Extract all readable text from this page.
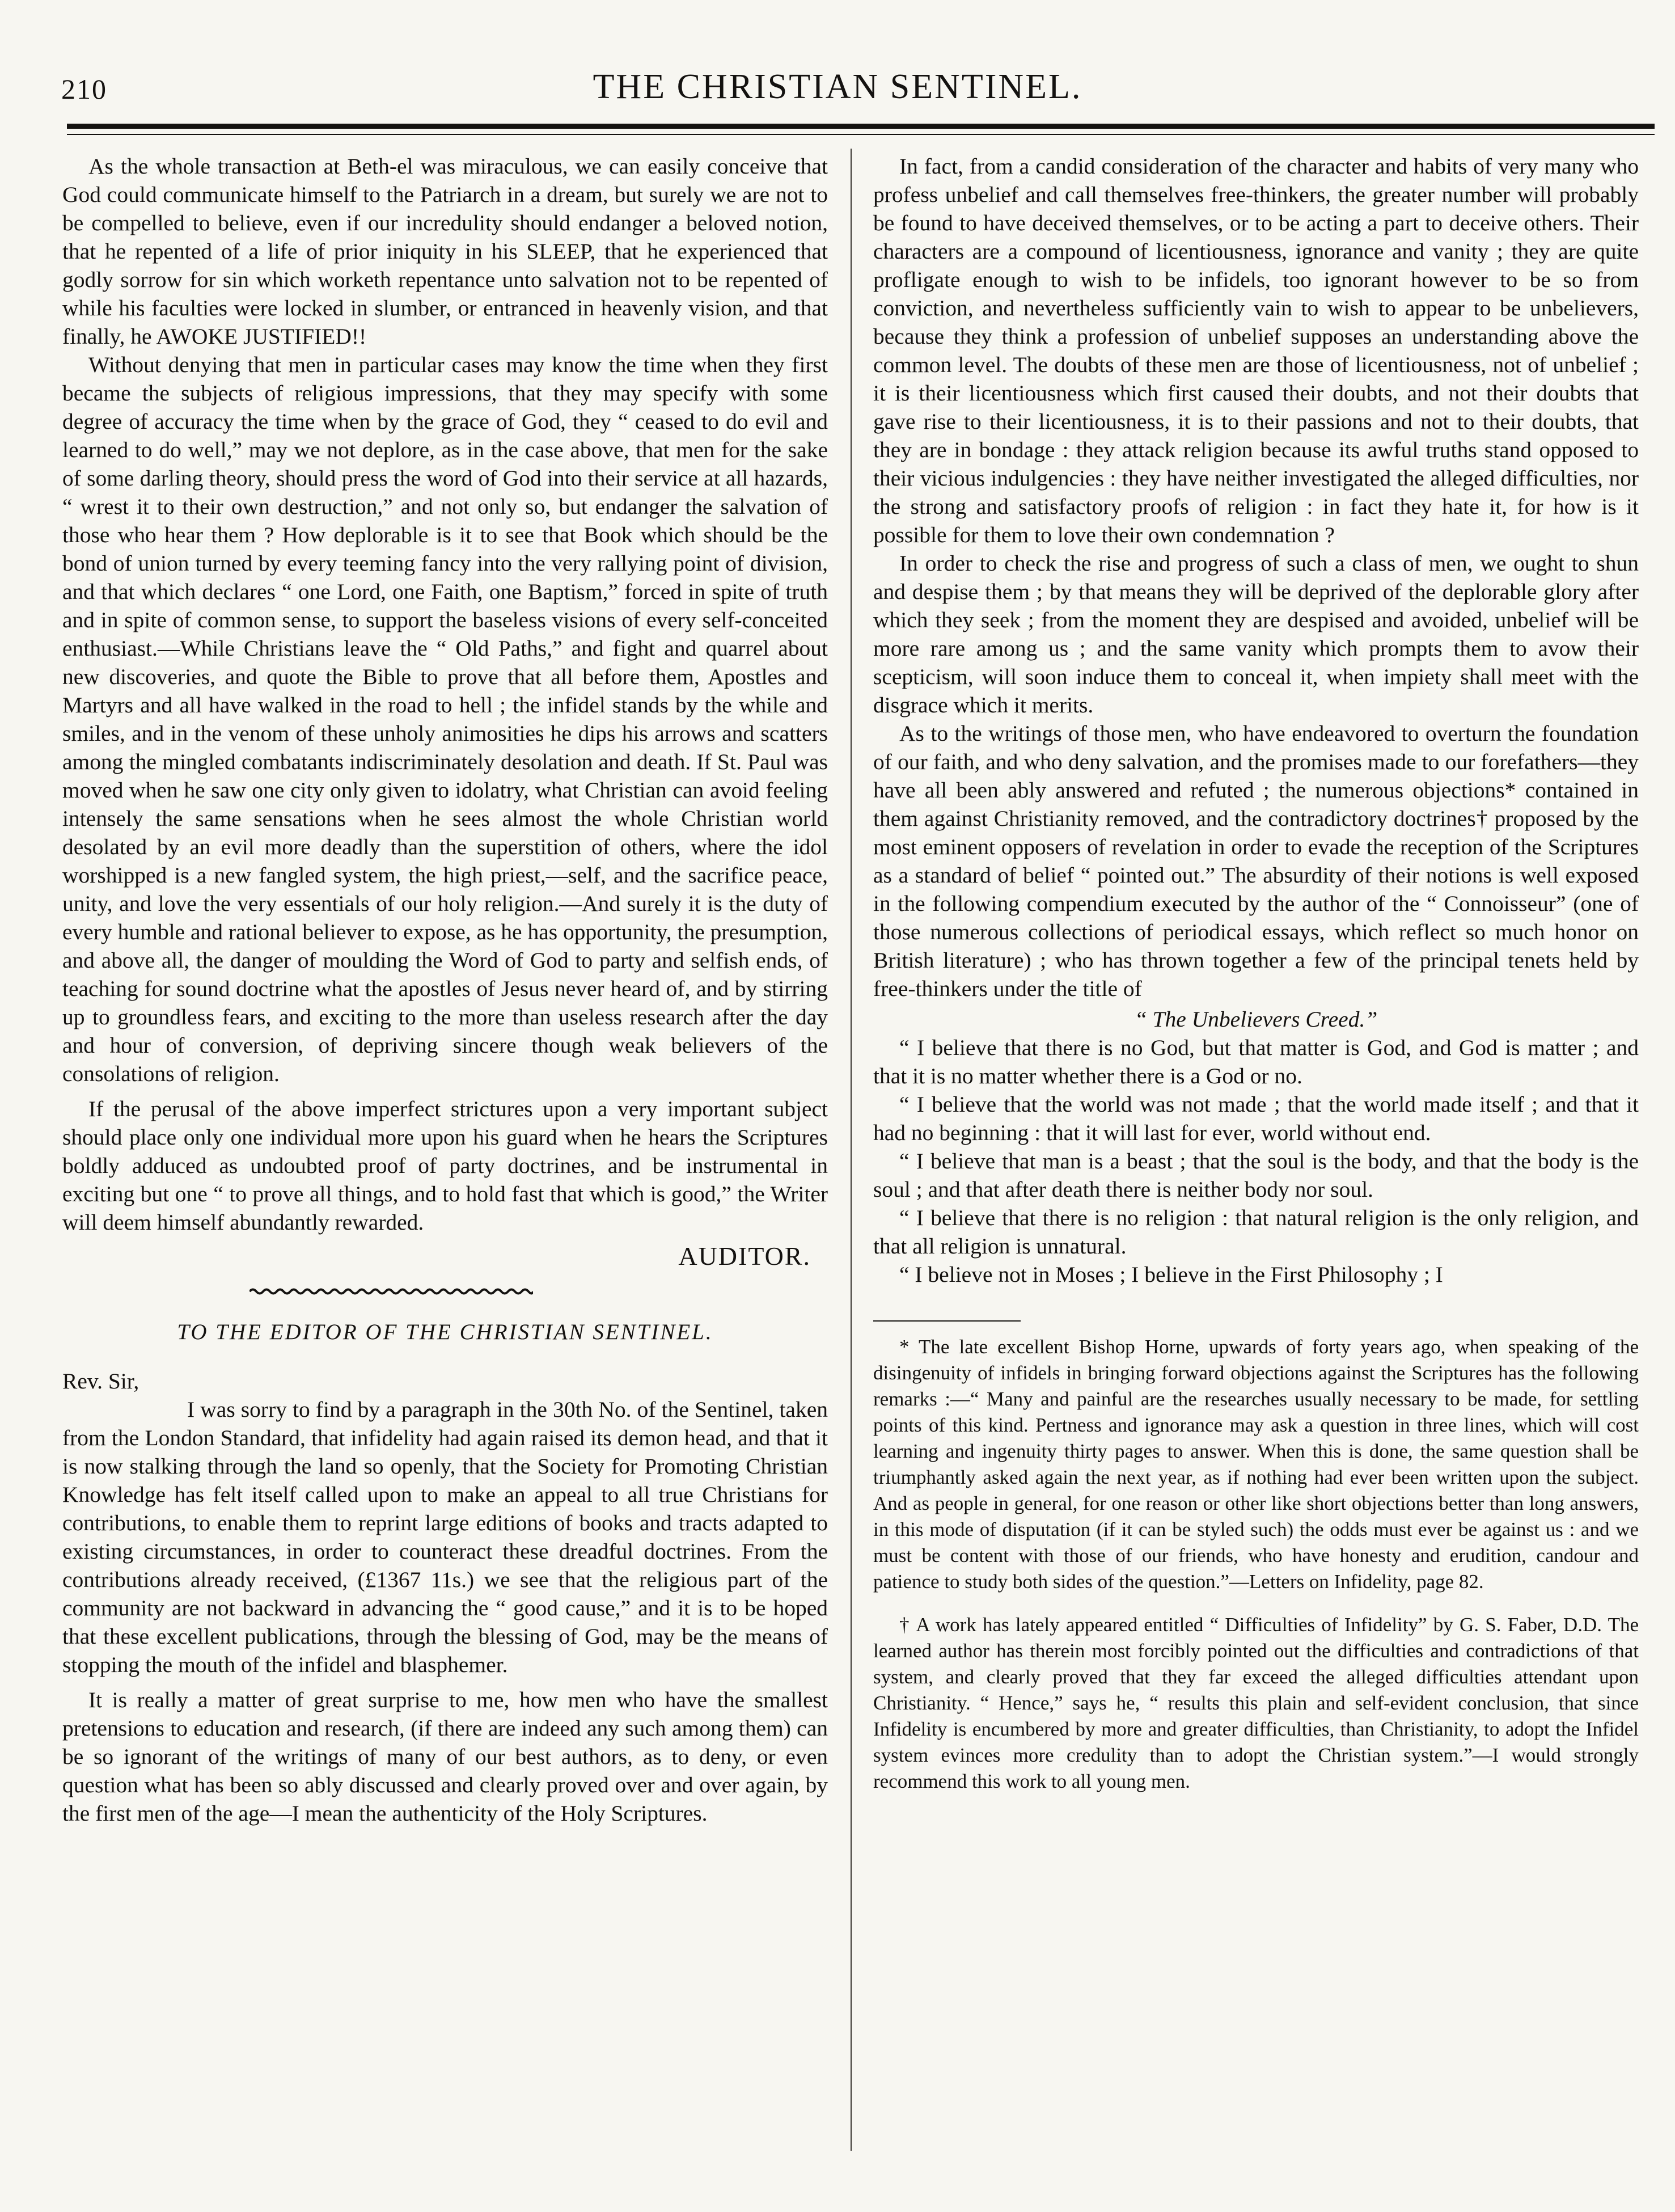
210	THE CHRISTIAN SENTINEL.

As the whole transaction at Beth-el was miraculous, we can easily conceive that God could communicate himself to the Patriarch in a dream, but surely we are not to be compelled to believe, even if our incredulity should endanger a beloved notion, that he repented of a life of prior iniquity in his SLEEP, that he experienced that godly sorrow for sin which worketh repentance unto salvation not to be repented of while his faculties were locked in slumber, or entranced in heavenly vision, and that finally, he AWOKE JUSTIFIED!!

Without denying that men in particular cases may know the time when they first became the subjects of religious impressions, that they may specify with some degree of accuracy the time when by the grace of God, they “ ceased to do evil and learned to do well,” may we not deplore, as in the case above, that men for the sake of some darling theory, should press the word of God into their service at all hazards, “ wrest it to their own destruction,” and not only so, but endanger the salvation of those who hear them ? How deplorable is it to see that Book which should be the bond of union turned by every teeming fancy into the very rallying point of division, and that which declares “ one Lord, one Faith, one Baptism,” forced in spite of truth and in spite of common sense, to support the baseless visions of every self-conceited enthusiast.—While Christians leave the “ Old Paths,” and fight and quarrel about new discoveries, and quote the Bible to prove that all before them, Apostles and Martyrs and all have walked in the road to hell ; the infidel stands by the while and smiles, and in the venom of these unholy animosities he dips his arrows and scatters among the mingled combatants indiscriminately desolation and death. If St. Paul was moved when he saw one city only given to idolatry, what Christian can avoid feeling intensely the same sensations when he sees almost the whole Christian world desolated by an evil more deadly than the superstition of others, where the idol worshipped is a new fangled system, the high priest,—self, and the sacrifice peace, unity, and love the very essentials of our holy religion.—And surely it is the duty of every humble and rational believer to expose, as he has opportunity, the presumption, and above all, the danger of moulding the Word of God to party and selfish ends, of teaching for sound doctrine what the apostles of Jesus never heard of, and by stirring up to groundless fears, and exciting to the more than useless research after the day and hour of conversion, of depriving sincere though weak believers of the consolations of religion.

If the perusal of the above imperfect strictures upon a very important subject should place only one individual more upon his guard when he hears the Scriptures boldly adduced as undoubted proof of party doctrines, and be instrumental in exciting but one “ to prove all things, and to hold fast that which is good,” the Writer will deem himself abundantly rewarded.

AUDITOR.

TO THE EDITOR OF THE CHRISTIAN SENTINEL.

Rev. Sir,

I was sorry to find by a paragraph in the 30th No. of the Sentinel, taken from the London Standard, that infidelity had again raised its demon head, and that it is now stalking through the land so openly, that the Society for Promoting Christian Knowledge has felt itself called upon to make an appeal to all true Christians for contributions, to enable them to reprint large editions of books and tracts adapted to existing circumstances, in order to counteract these dreadful doctrines. From the contributions already received, (£1367 11s.) we see that the religious part of the community are not backward in advancing the “ good cause,” and it is to be hoped that these excellent publications, through the blessing of God, may be the means of stopping the mouth of the infidel and blasphemer.

It is really a matter of great surprise to me, how men who have the smallest pretensions to education and research, (if there are indeed any such among them) can be so ignorant of the writings of many of our best authors, as to deny, or even question what has been so ably discussed and clearly proved over and over again, by the first men of the age—I mean the authenticity of the Holy Scriptures.

In fact, from a candid consideration of the character and habits of very many who profess unbelief and call themselves free-thinkers, the greater number will probably be found to have deceived themselves, or to be acting a part to deceive others. Their characters are a compound of licentiousness, ignorance and vanity ; they are quite profligate enough to wish to be infidels, too ignorant however to be so from conviction, and nevertheless sufficiently vain to wish to appear to be unbelievers, because they think a profession of unbelief supposes an understanding above the common level. The doubts of these men are those of licentiousness, not of unbelief ; it is their licentiousness which first caused their doubts, and not their doubts that gave rise to their licentiousness, it is to their passions and not to their doubts, that they are in bondage : they attack religion because its awful truths stand opposed to their vicious indulgencies : they have neither investigated the alleged difficulties, nor the strong and satisfactory proofs of religion : in fact they hate it, for how is it possible for them to love their own condemnation ?

In order to check the rise and progress of such a class of men, we ought to shun and despise them ; by that means they will be deprived of the deplorable glory after which they seek ; from the moment they are despised and avoided, unbelief will be more rare among us ; and the same vanity which prompts them to avow their scepticism, will soon induce them to conceal it, when impiety shall meet with the disgrace which it merits.

As to the writings of those men, who have endeavored to overturn the foundation of our faith, and who deny salvation, and the promises made to our forefathers—they have all been ably answered and refuted ; the numerous objections* contained in them against Christianity removed, and the contradictory doctrines† proposed by the most eminent opposers of revelation in order to evade the reception of the Scriptures as a standard of belief “ pointed out.” The absurdity of their notions is well exposed in the following compendium executed by the author of the “ Connoisseur” (one of those numerous collections of periodical essays, which reflect so much honor on British literature) ; who has thrown together a few of the principal tenets held by free-thinkers under the title of

“ The Unbelievers Creed.”

“ I believe that there is no God, but that matter is God, and God is matter ; and that it is no matter whether there is a God or no.

“ I believe that the world was not made ; that the world made itself ; and that it had no beginning : that it will last for ever, world without end.

“ I believe that man is a beast ; that the soul is the body, and that the body is the soul ; and that after death there is neither body nor soul.

“ I believe that there is no religion : that natural religion is the only religion, and that all religion is unnatural.

“ I believe not in Moses ; I believe in the First Philosophy ; I

* The late excellent Bishop Horne, upwards of forty years ago, when speaking of the disingenuity of infidels in bringing forward objections against the Scriptures has the following remarks :—“ Many and painful are the researches usually necessary to be made, for settling points of this kind. Pertness and ignorance may ask a question in three lines, which will cost learning and ingenuity thirty pages to answer. When this is done, the same question shall be triumphantly asked again the next year, as if nothing had ever been written upon the subject. And as people in general, for one reason or other like short objections better than long answers, in this mode of disputation (if it can be styled such) the odds must ever be against us : and we must be content with those of our friends, who have honesty and erudition, candour and patience to study both sides of the question.”—Letters on Infidelity, page 82.

† A work has lately appeared entitled “ Difficulties of Infidelity” by G. S. Faber, D.D. The learned author has therein most forcibly pointed out the difficulties and contradictions of that system, and clearly proved that they far exceed the alleged difficulties attendant upon Christianity. “ Hence,” says he, “ results this plain and self-evident conclusion, that since Infidelity is encumbered by more and greater difficulties, than Christianity, to adopt the Infidel system evinces more credulity than to adopt the Christian system.”—I would strongly recommend this work to all young men.
